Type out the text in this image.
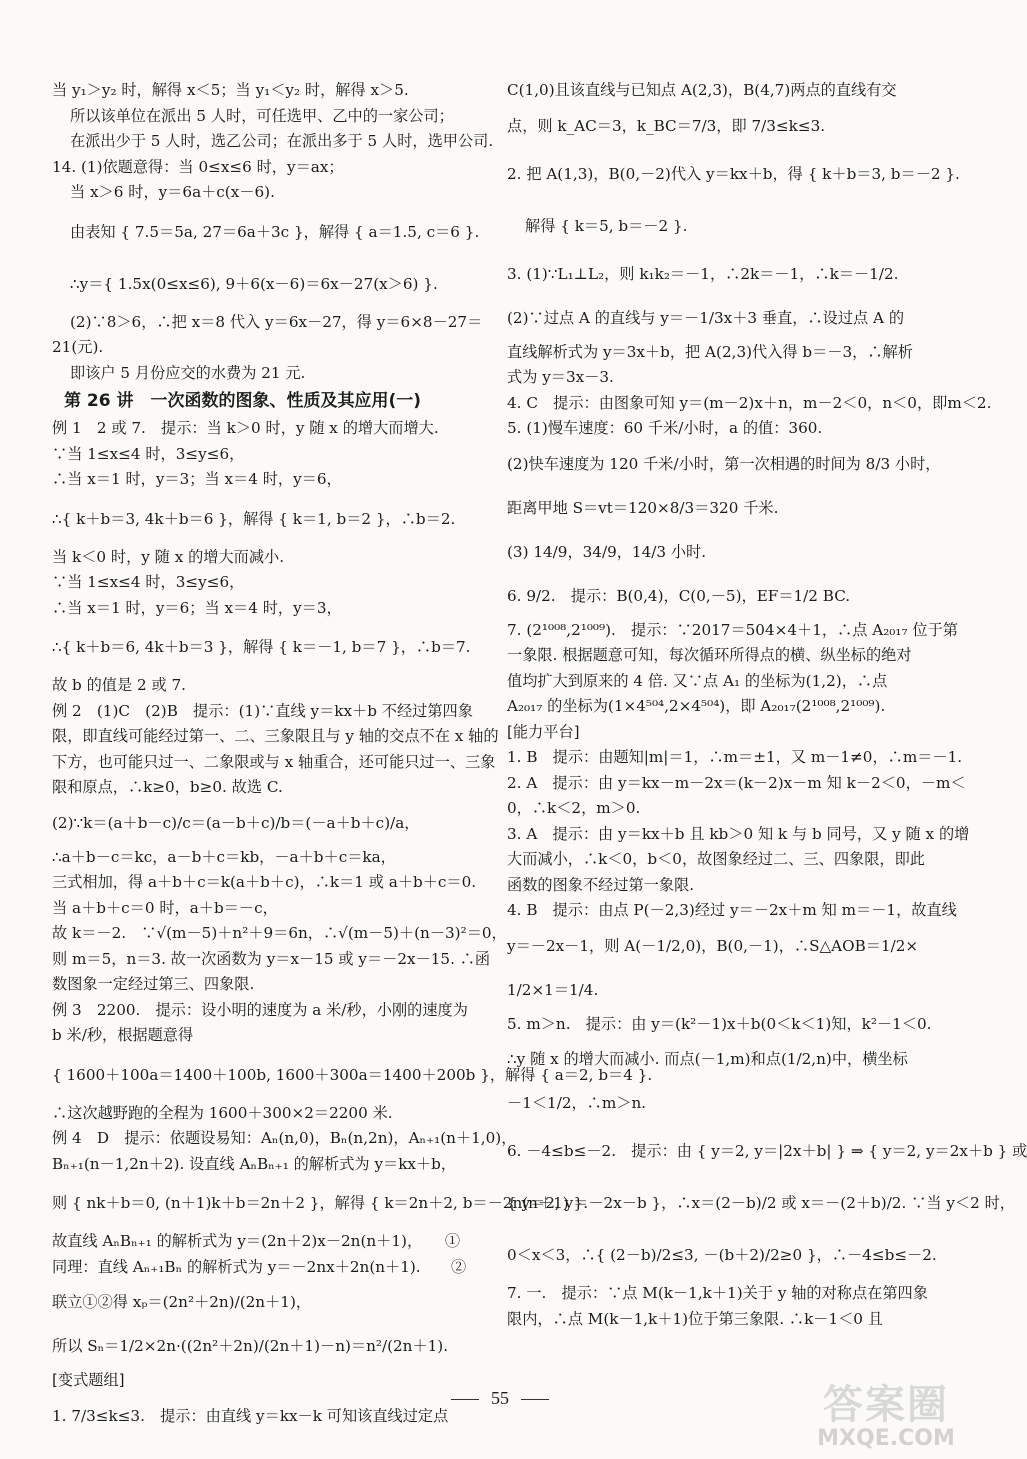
当 y₁＞y₂ 时，解得 x＜5；当 y₁＜y₂ 时，解得 x＞5.
所以该单位在派出 5 人时，可任选甲、乙中的一家公司；
在派出少于 5 人时，选乙公司；在派出多于 5 人时，选甲公司.
14. (1)依题意得：当 0≤x≤6 时，y＝ax；
当 x＞6 时，y＝6a＋c(x－6).
由表知 { 7.5＝5a, 27＝6a＋3c }，解得 { a＝1.5, c＝6 }.
∴y＝{ 1.5x(0≤x≤6), 9＋6(x－6)＝6x－27(x＞6) }.
(2)∵8＞6，∴把 x＝8 代入 y＝6x－27，得 y＝6×8－27＝
21(元).
即该户 5 月份应交的水费为 21 元.
第 26 讲　一次函数的图象、性质及其应用(一)
例 1　2 或 7.　提示：当 k＞0 时，y 随 x 的增大而增大.
∵当 1≤x≤4 时，3≤y≤6，
∴当 x＝1 时，y＝3；当 x＝4 时，y＝6，
∴{ k＋b＝3, 4k＋b＝6 }，解得 { k＝1, b＝2 }，∴b＝2.
当 k＜0 时，y 随 x 的增大而减小.
∵当 1≤x≤4 时，3≤y≤6，
∴当 x＝1 时，y＝6；当 x＝4 时，y＝3，
∴{ k＋b＝6, 4k＋b＝3 }，解得 { k＝－1, b＝7 }，∴b＝7.
故 b 的值是 2 或 7.
例 2　(1)C　(2)B　提示：(1)∵直线 y＝kx＋b 不经过第四象
限，即直线可能经过第一、二、三象限且与 y 轴的交点不在 x 轴的
下方，也可能只过一、二象限或与 x 轴重合，还可能只过一、三象
限和原点，∴k≥0，b≥0. 故选 C.
(2)∵k＝(a＋b－c)/c＝(a－b＋c)/b＝(－a＋b＋c)/a，
∴a＋b－c＝kc，a－b＋c＝kb，－a＋b＋c＝ka，
三式相加，得 a＋b＋c＝k(a＋b＋c)，∴k＝1 或 a＋b＋c＝0.
当 a＋b＋c＝0 时，a＋b＝－c，
故 k＝－2.　∵√(m－5)＋n²＋9＝6n，∴√(m－5)＋(n－3)²＝0，
则 m＝5，n＝3. 故一次函数为 y＝x－15 或 y＝－2x－15. ∴函
数图象一定经过第三、四象限.
例 3　2200.　提示：设小明的速度为 a 米/秒，小刚的速度为
b 米/秒，根据题意得
{ 1600＋100a＝1400＋100b, 1600＋300a＝1400＋200b }，解得 { a＝2, b＝4 }.
∴这次越野跑的全程为 1600＋300×2＝2200 米.
例 4　D　提示：依题设易知：Aₙ(n,0)，Bₙ(n,2n)，Aₙ₊₁(n＋1,0)，
Bₙ₊₁(n－1,2n＋2). 设直线 AₙBₙ₊₁ 的解析式为 y＝kx＋b，
则 { nk＋b＝0, (n＋1)k＋b＝2n＋2 }，解得 { k＝2n＋2, b＝－2n(n＋1) }.
故直线 AₙBₙ₊₁ 的解析式为 y＝(2n＋2)x－2n(n＋1)，　　①
同理：直线 Aₙ₊₁Bₙ 的解析式为 y＝－2nx＋2n(n＋1).　　②
联立①②得 xₚ＝(2n²＋2n)/(2n＋1)，
所以 Sₙ＝1/2×2n·((2n²＋2n)/(2n＋1)－n)＝n²/(2n＋1).
[变式题组]
1. 7/3≤k≤3.　提示：由直线 y＝kx－k 可知该直线过定点
C(1,0)且该直线与已知点 A(2,3)，B(4,7)两点的直线有交
点，则 k_AC＝3，k_BC＝7/3，即 7/3≤k≤3.
2. 把 A(1,3)，B(0,－2)代入 y＝kx＋b，得 { k＋b＝3, b＝－2 }.
解得 { k＝5, b＝－2 }.
3. (1)∵L₁⊥L₂，则 k₁k₂＝－1，∴2k＝－1，∴k＝－1/2.
(2)∵过点 A 的直线与 y＝－1/3x＋3 垂直，∴设过点 A 的
直线解析式为 y＝3x＋b，把 A(2,3)代入得 b＝－3，∴解析
式为 y＝3x－3.
4. C　提示：由图象可知 y＝(m－2)x＋n，m－2＜0，n＜0，即m＜2.
5. (1)慢车速度：60 千米/小时，a 的值：360.
(2)快车速度为 120 千米/小时，第一次相遇的时间为 8/3 小时，
距离甲地 S＝vt＝120×8/3＝320 千米.
(3) 14/9，34/9，14/3 小时.
6. 9/2.　提示：B(0,4)，C(0,－5)，EF＝1/2 BC.
7. (2¹⁰⁰⁸,2¹⁰⁰⁹).　提示：∵2017＝504×4＋1，∴点 A₂₀₁₇ 位于第
一象限. 根据题意可知，每次循环所得点的横、纵坐标的绝对
值均扩大到原来的 4 倍. 又∵点 A₁ 的坐标为(1,2)，∴点
A₂₀₁₇ 的坐标为(1×4⁵⁰⁴,2×4⁵⁰⁴)，即 A₂₀₁₇(2¹⁰⁰⁸,2¹⁰⁰⁹).
[能力平台]
1. B　提示：由题知|m|＝1，∴m＝±1，又 m－1≠0，∴m＝－1.
2. A　提示：由 y＝kx－m－2x＝(k－2)x－m 知 k－2＜0，－m＜
0，∴k＜2，m＞0.
3. A　提示：由 y＝kx＋b 且 kb＞0 知 k 与 b 同号，又 y 随 x 的增
大而减小，∴k＜0，b＜0，故图象经过二、三、四象限，即此
函数的图象不经过第一象限.
4. B　提示：由点 P(－2,3)经过 y＝－2x＋m 知 m＝－1，故直线
y＝－2x－1，则 A(－1/2,0)，B(0,－1)，∴S△AOB＝1/2×
1/2×1＝1/4.
5. m＞n.　提示：由 y＝(k²－1)x＋b(0＜k＜1)知，k²－1＜0.
∴y 随 x 的增大而减小. 而点(－1,m)和点(1/2,n)中，横坐标
－1＜1/2，∴m＞n.
6. －4≤b≤－2.　提示：由 { y＝2, y＝|2x＋b| } ⇒ { y＝2, y＝2x＋b } 或
{ y＝2, y＝－2x－b }，∴x＝(2－b)/2 或 x＝－(2＋b)/2. ∵当 y＜2 时，
0＜x＜3，∴{ (2－b)/2≤3, －(b＋2)/2≥0 }，∴－4≤b≤－2.
7. 一.　提示：∵点 M(k－1,k＋1)关于 y 轴的对称点在第四象
限内，∴点 M(k－1,k＋1)位于第三象限. ∴k－1＜0 且
55	答案圈
MXQE.COM
